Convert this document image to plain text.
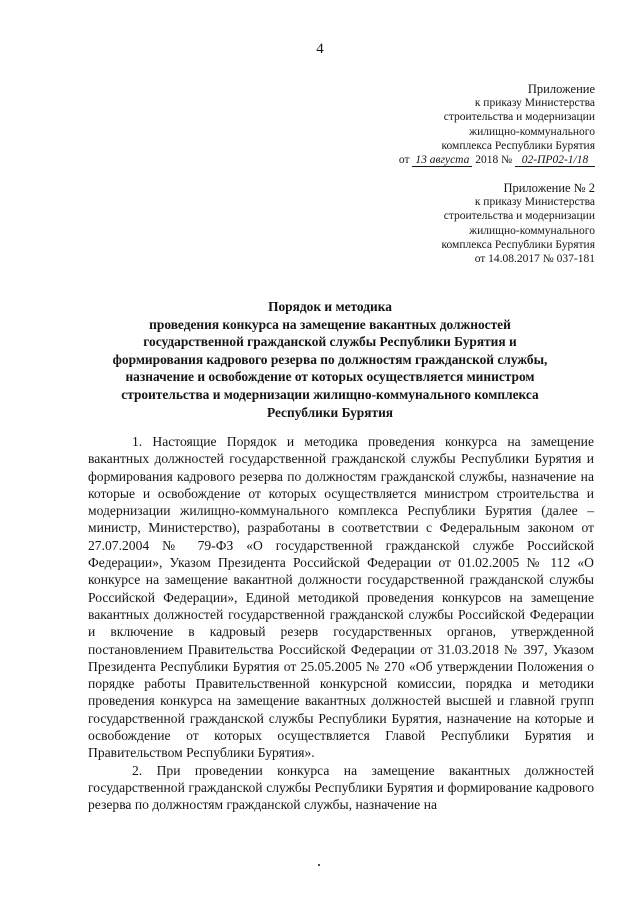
4
Приложение
к приказу Министерства
строительства и модернизации
жилищно-коммунального
комплекса Республики Бурятия
от 13 августа 2018 № 02-ПР02-1/18
Приложение № 2
к приказу Министерства
строительства и модернизации
жилищно-коммунального
комплекса Республики Бурятия
от 14.08.2017 № 037-181
Порядок и методика
проведения конкурса на замещение вакантных должностей
государственной гражданской службы Республики Бурятия и
формирования кадрового резерва по должностям гражданской службы,
назначение и освобождение от которых осуществляется министром
строительства и модернизации жилищно-коммунального комплекса
Республики Бурятия

1. Настоящие Порядок и методика проведения конкурса на замещение вакантных должностей государственной гражданской службы Республики Бурятия и формирования кадрового резерва по должностям гражданской службы, назначение на которые и освобождение от которых осуществляется министром строительства и модернизации жилищно-коммунального комплекса Республики Бурятия (далее – министр, Министерство), разработаны в соответствии с Федеральным законом от 27.07.2004 № 79-ФЗ «О государственной гражданской службе Российской Федерации», Указом Президента Российской Федерации от 01.02.2005 № 112 «О конкурсе на замещение вакантной должности государственной гражданской службы Российской Федерации», Единой методикой проведения конкурсов на замещение вакантных должностей государственной гражданской службы Российской Федерации и включение в кадровый резерв государственных органов, утвержденной постановлением Правительства Российской Федерации от 31.03.2018 № 397, Указом Президента Республики Бурятия от 25.05.2005 № 270 «Об утверждении Положения о порядке работы Правительственной конкурсной комиссии, порядка и методики проведения конкурса на замещение вакантных должностей высшей и главной групп государственной гражданской службы Республики Бурятия, назначение на которые и освобождение от которых осуществляется Главой Республики Бурятия и Правительством Республики Бурятия».

2. При проведении конкурса на замещение вакантных должностей государственной гражданской службы Республики Бурятия и формирование кадрового резерва по должностям гражданской службы, назначение на
